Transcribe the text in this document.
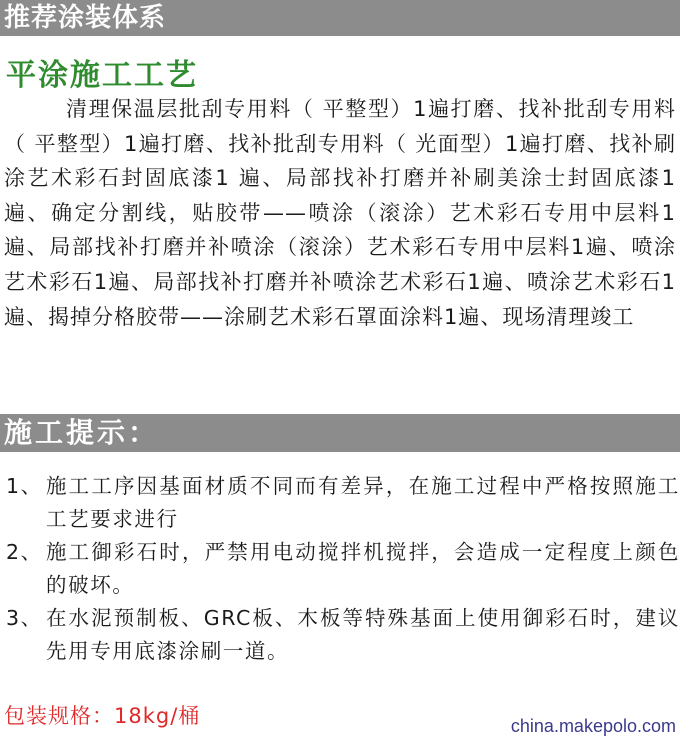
推荐涂装体系
平涂施工工艺
清理保温层批刮专用料（ 平整型）1遍打磨、找补批刮专用料（ 平整型）1遍打磨、找补批刮专用料（ 光面型）1遍打磨、找补刷涂艺术彩石封固底漆1 遍、局部找补打磨并补刷美涂士封固底漆1遍、确定分割线，贴胶带——喷涂（滚涂）艺术彩石专用中层料1遍、局部找补打磨并补喷涂（滚涂）艺术彩石专用中层料1遍、喷涂艺术彩石1遍、局部找补打磨并补喷涂艺术彩石1遍、喷涂艺术彩石1遍、揭掉分格胶带——涂刷艺术彩石罩面涂料1遍、现场清理竣工
施工提示：
1、 施工工序因基面材质不同而有差异，在施工过程中严格按照施工工艺要求进行
2、 施工御彩石时，严禁用电动搅拌机搅拌，会造成一定程度上颜色的破坏。
3、 在水泥预制板、GRC板、木板等特殊基面上使用御彩石时，建议先用专用底漆涂刷一道。
包装规格：18kg/桶	china.makepolo.com
